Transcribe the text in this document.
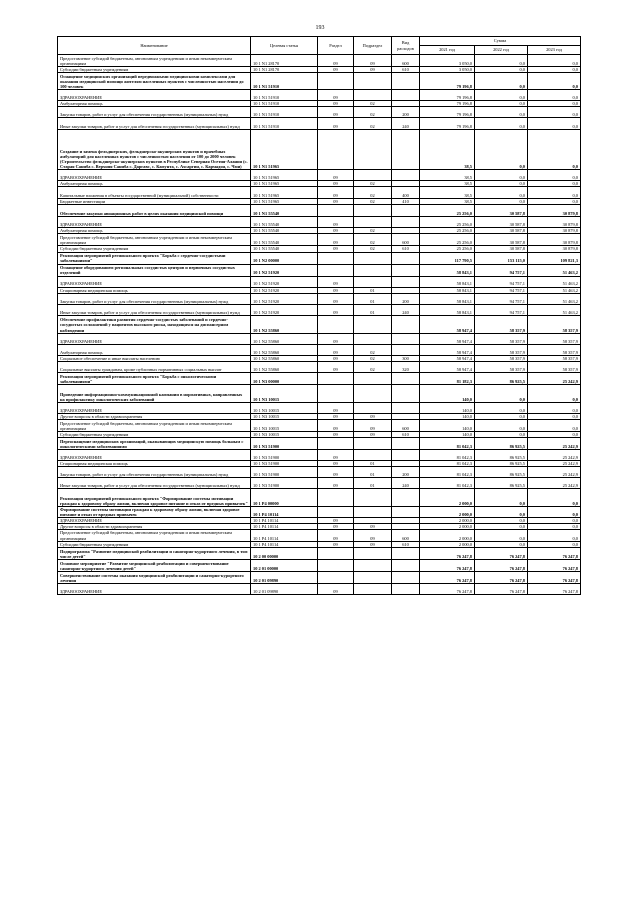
193
Наименование	Целевая статья	Раздел	Подраздел	Вид расходов	Сумма		
					2021 год	2022 год	2023 год
Предоставление субсидий бюджетным, автономным учреждениям и иным некоммерческим организациям	10 1 N1 28170	09	09	600	3 050,0	0,0	0,0
Субсидии бюджетным учреждениям	10 1 N1 28170	09	09	610	3 050,0	0,0	0,0
Оснащение медицинских организаций передвижными медицинскими комплексами для оказания медицинской помощи жителям населенных пунктов с численностью населения до 100 человек	10 1 N1 51910				79 196,8	0,0	0,0
ЗДРАВООХРАНЕНИЕ	10 1 N1 51910	09			79 196,8	0,0	0,0
Амбулаторная помощь	10 1 N1 51910	09	02		79 196,8	0,0	0,0
Закупка товаров, работ и услуг для обеспечения государственных (муниципальных) нужд	10 1 N1 51910	09	02	200	79 196,8	0,0	0,0
Иные закупки товаров, работ и услуг для обеспечения государственных (муниципальных) нужд	10 1 N1 51910	09	02	240	79 196,8	0,0	0,0
Создание и замена фельдшерских, фельдшерско-акушерских пунктов и врачебных амбулаторий для населенных пунктов с численностью населения от 100 до 2000 человек (Строительство фельдшерско-акушерских пунктов в Республике Северная Осетия-Алания (с. Старая Саниба с. Верхняя Саниба с. Даргавс, с. Камунта, с. Ахсаргин, с. Кармадон, с. Чми)	10 1 N1 51965				38,5	0,0	0,0
ЗДРАВООХРАНЕНИЕ	10 1 N1 51965	09			38,5	0,0	0,0
Амбулаторная помощь	10 1 N1 51965	09	02		38,5	0,0	0,0
Капитальные вложения в объекты государственной (муниципальной) собственности	10 1 N1 51965	09	02	400	38,5	0,0	0,0
Бюджетные инвестиции	10 1 N1 51965	09	02	410	38,5	0,0	0,0
Обеспечение закупки авиационных работ в целях оказания медицинской помощи	10 1 N1 55540				25 256,0	30 587,8	30 879,8
ЗДРАВООХРАНЕНИЕ	10 1 N1 55540	09			25 256,0	30 587,8	30 879,8
Амбулаторная помощь	10 1 N1 55540	09	02		25 256,0	30 587,8	30 879,8
Предоставление субсидий бюджетным, автономным учреждениям и иным некоммерческим организациям	10 1 N1 55540	09	02	600	25 256,0	30 587,8	30 879,8
Субсидии бюджетным учреждениям	10 1 N1 55540	09	02	610	25 256,0	30 587,8	30 879,8
Реализация мероприятий регионального проекта "Борьба с сердечно-сосудистыми заболеваниями"	10 1 N2 00000				117 790,5	153 115,0	109 821,3
Оснащение оборудованием региональных сосудистых центров и первичных сосудистых отделений	10 1 N2 51920				58 843,1	94 757,1	51 463,2
ЗДРАВООХРАНЕНИЕ	10 1 N2 51920	09			58 843,1	94 757,1	51 463,2
Стационарная медицинская помощь	10 1 N2 51920	09	01		58 843,1	94 757,1	51 463,2
Закупка товаров, работ и услуг для обеспечения государственных (муниципальных) нужд	10 1 N2 51920	09	01	200	58 843,1	94 757,1	51 463,2
Иные закупки товаров, работ и услуг для обеспечения государственных (муниципальных) нужд	10 1 N2 51920	09	01	240	58 843,1	94 757,1	51 463,2
Обеспечение профилактики развития сердечно-сосудистых заболеваний и сердечно-сосудистых осложнений у пациентов высокого риска, находящихся на диспансерном наблюдении	10 1 N2 55860				58 947,4	58 357,9	58 357,9
ЗДРАВООХРАНЕНИЕ	10 1 N2 55860	09			58 947,4	58 357,9	58 357,9
Амбулаторная помощь	10 1 N2 55860	09	02		58 947,4	58 357,9	58 357,9
Социальное обеспечение и иные выплаты населению	10 1 N2 55860	09	02	300	58 947,4	58 357,9	58 357,9
Социальные выплаты гражданам, кроме публичных нормативных социальных выплат	10 1 N2 55860	09	02	320	58 947,4	58 357,9	58 357,9
Реализация мероприятий регионального проекта "Борьба с онкологическими заболеваниями"	10 1 N3 00000				81 182,3	86 925,5	25 242,9
Проведение информационно-коммуникационной кампании в нормативных, направленных на профилактику онкологических заболеваний	10 1 N3 10015				140,0	0,0	0,0
ЗДРАВООХРАНЕНИЕ	10 1 N3 10015	09			140,0	0,0	0,0
Другие вопросы в области здравоохранения	10 1 N3 10015	09	09		140,0	0,0	0,0
Предоставление субсидий бюджетным, автономным учреждениям и иным некоммерческим организациям	10 1 N3 10015	09	09	600	140,0	0,0	0,0
Субсидии бюджетным учреждениям	10 1 N3 10015	09	09	610	140,0	0,0	0,0
Переоснащение медицинских организаций, оказывающих медицинскую помощь больным с онкологическими заболеваниями	10 1 N3 51900				81 042,3	86 925,5	25 242,9
ЗДРАВООХРАНЕНИЕ	10 1 N3 51900	09			81 042,3	86 925,5	25 242,9
Стационарная медицинская помощь	10 1 N3 51900	09	01		81 042,3	86 925,5	25 242,9
Закупка товаров, работ и услуг для обеспечения государственных (муниципальных) нужд	10 1 N3 51900	09	01	200	81 042,3	86 925,5	25 242,9
Иные закупки товаров, работ и услуг для обеспечения государственных (муниципальных) нужд	10 1 N3 51900	09	01	240	81 042,3	86 925,5	25 242,9
Реализация мероприятий регионального проекта "Формирование системы мотивации граждан к здоровому образу жизни, включая здоровое питание и отказ от вредных привычек"	10 1 P4 00000				2 000,0	0,0	0,0
Формирование системы мотивации граждан к здоровому образу жизни, включая здоровое питание и отказ от вредных привычек	10 1 P4 10114				2 000,0	0,0	0,0
ЗДРАВООХРАНЕНИЕ	10 1 P4 10114	09			2 000,0	0,0	0,0
Другие вопросы в области здравоохранения	10 1 P4 10114	09	09		2 000,0	0,0	0,0
Предоставление субсидий бюджетным, автономным учреждениям и иным некоммерческим организациям	10 1 P4 10114	09	09	600	2 000,0	0,0	0,0
Субсидии бюджетным учреждениям	10 1 P4 10114	09	09	610	2 000,0	0,0	0,0
Подпрограмма "Развитие медицинской реабилитации и санаторно-курортного лечения, в том числе детей"	10 2 00 00000				76 247,8	76 247,8	76 247,8
Основное мероприятие "Развитие медицинской реабилитации и совершенствование санаторно-курортного лечения детей"	10 2 01 00000				76 247,8	76 247,8	76 247,8
Совершенствование системы оказания медицинской реабилитации и санаторно-курортного лечения	10 2 01 09890				76 247,8	76 247,8	76 247,8
ЗДРАВООХРАНЕНИЕ	10 2 01 09890	09			76 247,8	76 247,8	76 247,8
